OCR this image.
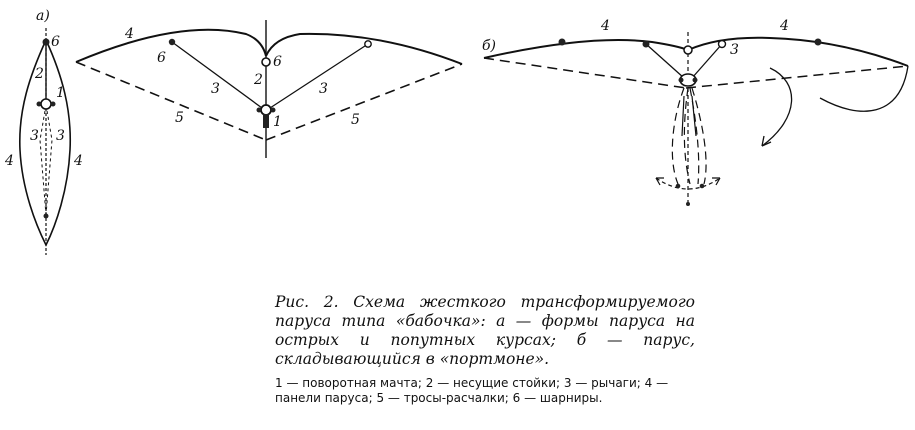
а)
6
2
1
3 3
4	4
4
6	6
2
1
3	3
5	5
б)
4	4
3
Рис. 2. Схема жесткого трансформируемого паруса типа «бабочка»: а — формы паруса на острых и попутных курсах; б — парус, складывающийся в «портмоне».
1 — поворотная мачта; 2 — несущие стойки; 3 — рычаги; 4 — панели паруса; 5 — тросы-расчалки; 6 — шарниры.
